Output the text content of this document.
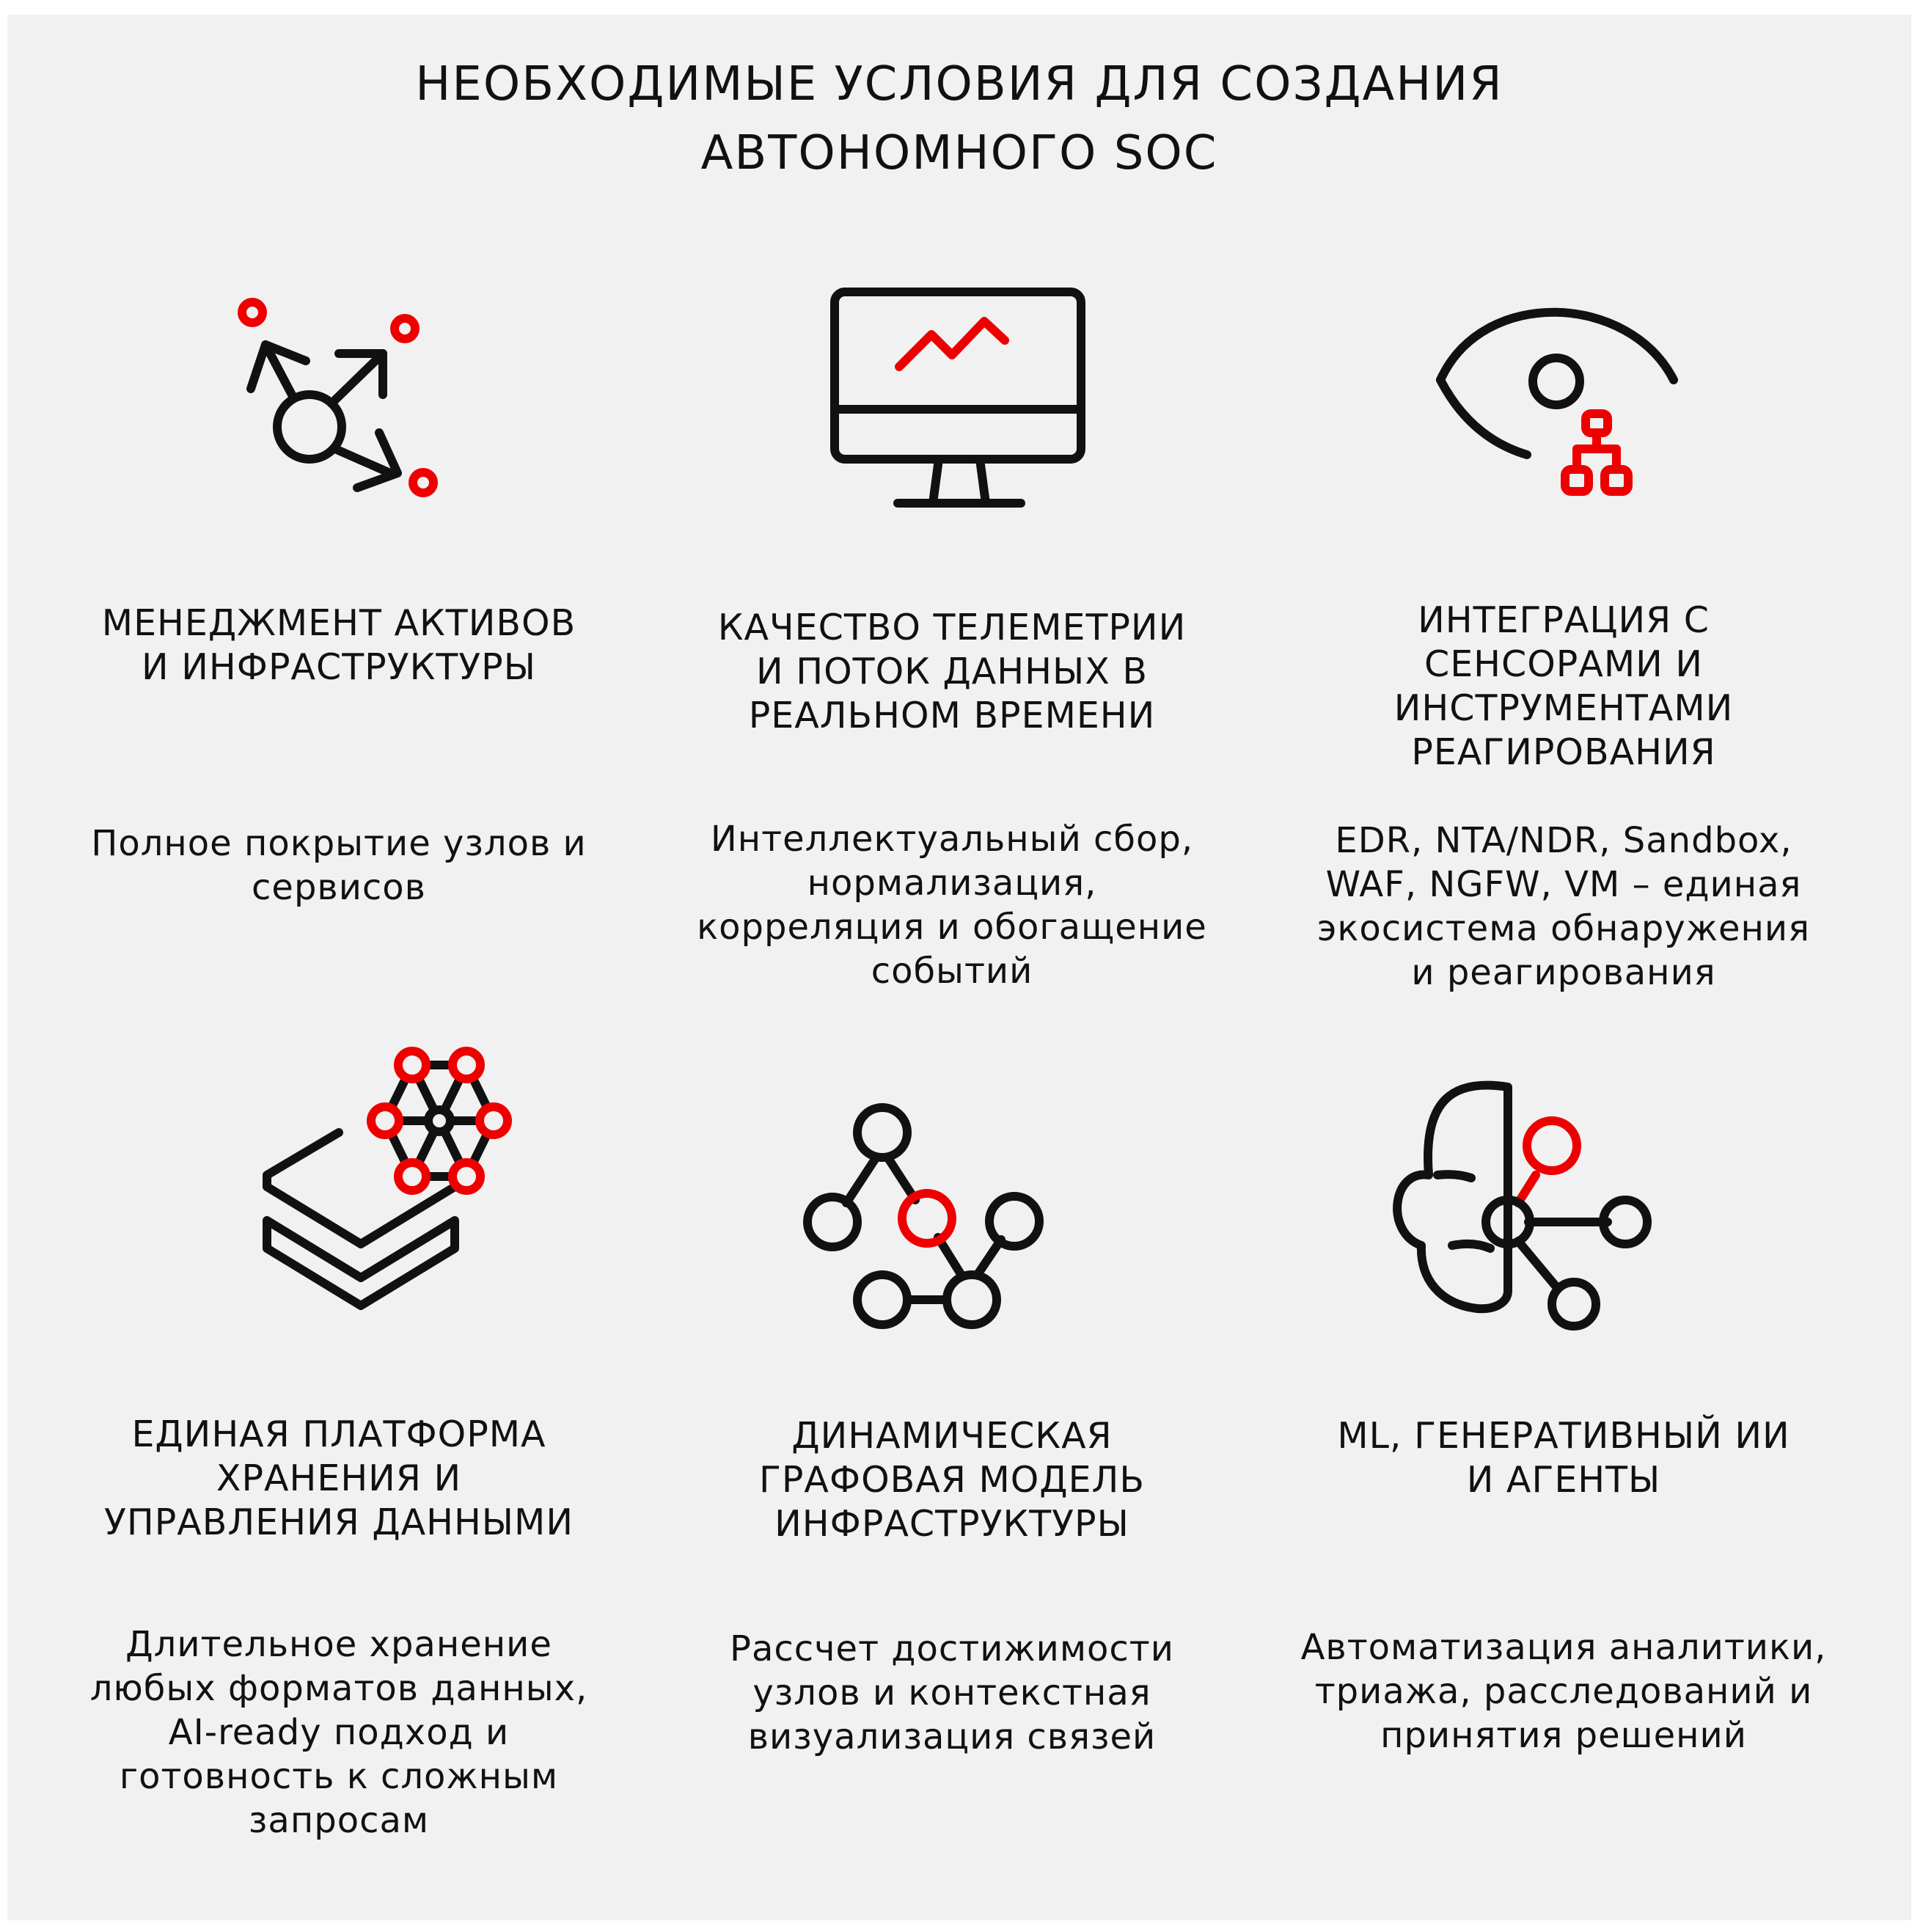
НЕОБХОДИМЫЕ УСЛОВИЯ ДЛЯ СОЗДАНИЯ
АВТОНОМНОГО SOC
МЕНЕДЖМЕНТ АКТИВОВ
И ИНФРАСТРУКТУРЫ
Полное покрытие узлов и
сервисов
КАЧЕСТВО ТЕЛЕМЕТРИИ
И ПОТОК ДАННЫХ В
РЕАЛЬНОМ ВРЕМЕНИ
Интеллектуальный сбор,
нормализация,
корреляция и обогащение
событий
ИНТЕГРАЦИЯ С
СЕНСОРАМИ И
ИНСТРУМЕНТАМИ
РЕАГИРОВАНИЯ
EDR, NTA/NDR, Sandbox,
WAF, NGFW, VM – единая
экосистема обнаружения
и реагирования
ЕДИНАЯ ПЛАТФОРМА
ХРАНЕНИЯ И
УПРАВЛЕНИЯ ДАННЫМИ
Длительное хранение
любых форматов данных,
AI-ready подход и
готовность к сложным
запросам
ДИНАМИЧЕСКАЯ
ГРАФОВАЯ МОДЕЛЬ
ИНФРАСТРУКТУРЫ
Рассчет достижимости
узлов и контекстная
визуализация связей
ML, ГЕНЕРАТИВНЫЙ ИИ
И АГЕНТЫ
Автоматизация аналитики,
триажа, расследований и
принятия решений
